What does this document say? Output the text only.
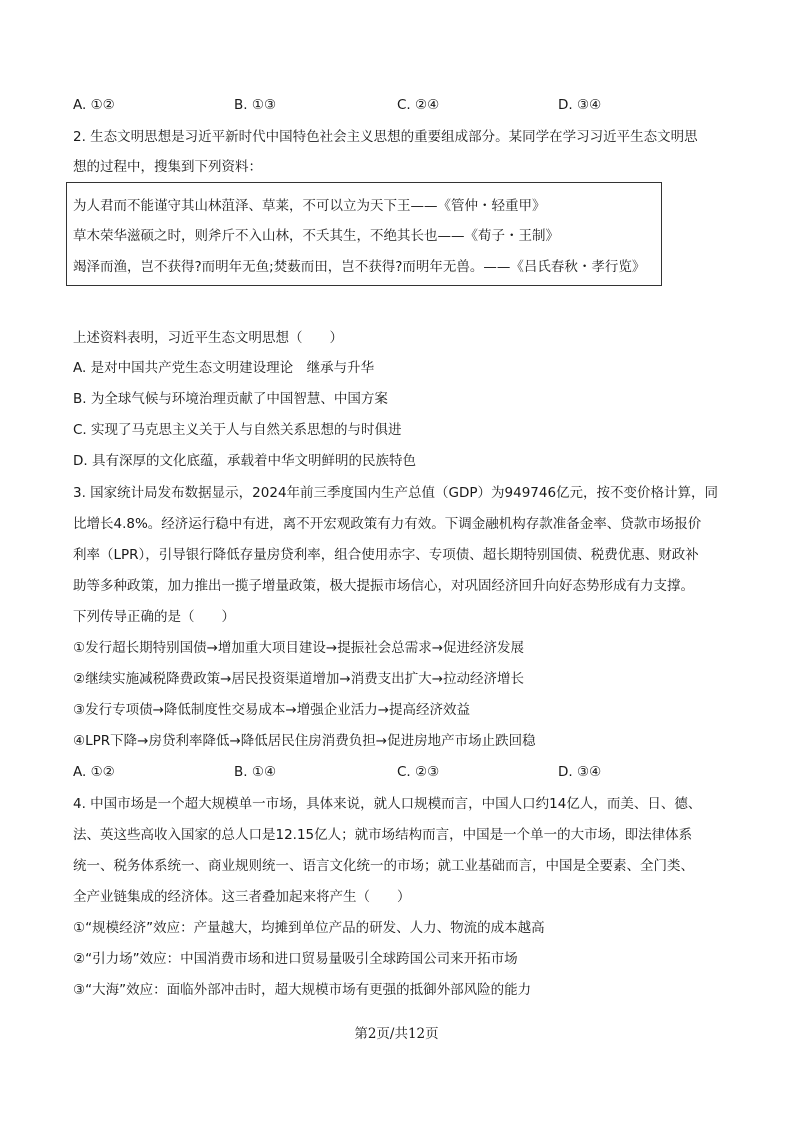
A. ①②	B. ①③	C. ②④	D. ③④
2. 生态文明思想是习近平新时代中国特色社会主义思想的重要组成部分。某同学在学习习近平生态文明思
想的过程中，搜集到下列资料：
为人君而不能谨守其山林菹泽、草莱，不可以立为天下王——《管仲・轻重甲》
草木荣华滋硕之时，则斧斤不入山林，不夭其生，不绝其长也——《荀子・王制》
竭泽而渔，岂不获得?而明年无鱼;焚薮而田，岂不获得?而明年无兽。——《吕氏春秋・孝行览》
上述资料表明，习近平生态文明思想（　　）
A. 是对中国共产党生态文明建设理论　继承与升华
B. 为全球气候与环境治理贡献了中国智慧、中国方案
C. 实现了马克思主义关于人与自然关系思想的与时俱进
D. 具有深厚的文化底蕴，承载着中华文明鲜明的民族特色
3. 国家统计局发布数据显示，2024年前三季度国内生产总值（GDP）为949746亿元，按不变价格计算，同
比增长4.8%。经济运行稳中有进，离不开宏观政策有力有效。下调金融机构存款准备金率、贷款市场报价
利率（LPR），引导银行降低存量房贷利率，组合使用赤字、专项债、超长期特别国债、税费优惠、财政补
助等多种政策，加力推出一揽子增量政策，极大提振市场信心，对巩固经济回升向好态势形成有力支撑。
下列传导正确的是（　　）
①发行超长期特别国债→增加重大项目建设→提振社会总需求→促进经济发展
②继续实施减税降费政策→居民投资渠道增加→消费支出扩大→拉动经济增长
③发行专项债→降低制度性交易成本→增强企业活力→提高经济效益
④LPR下降→房贷利率降低→降低居民住房消费负担→促进房地产市场止跌回稳
A. ①②	B. ①④	C. ②③	D. ③④
4. 中国市场是一个超大规模单一市场，具体来说，就人口规模而言，中国人口约14亿人，而美、日、德、
法、英这些高收入国家的总人口是12.15亿人；就市场结构而言，中国是一个单一的大市场，即法律体系
统一、税务体系统一、商业规则统一、语言文化统一的市场；就工业基础而言，中国是全要素、全门类、
全产业链集成的经济体。这三者叠加起来将产生（　　）
①“规模经济”效应：产量越大，均摊到单位产品的研发、人力、物流的成本越高
②“引力场”效应：中国消费市场和进口贸易量吸引全球跨国公司来开拓市场
③“大海”效应：面临外部冲击时，超大规模市场有更强的抵御外部风险的能力
第2页/共12页
